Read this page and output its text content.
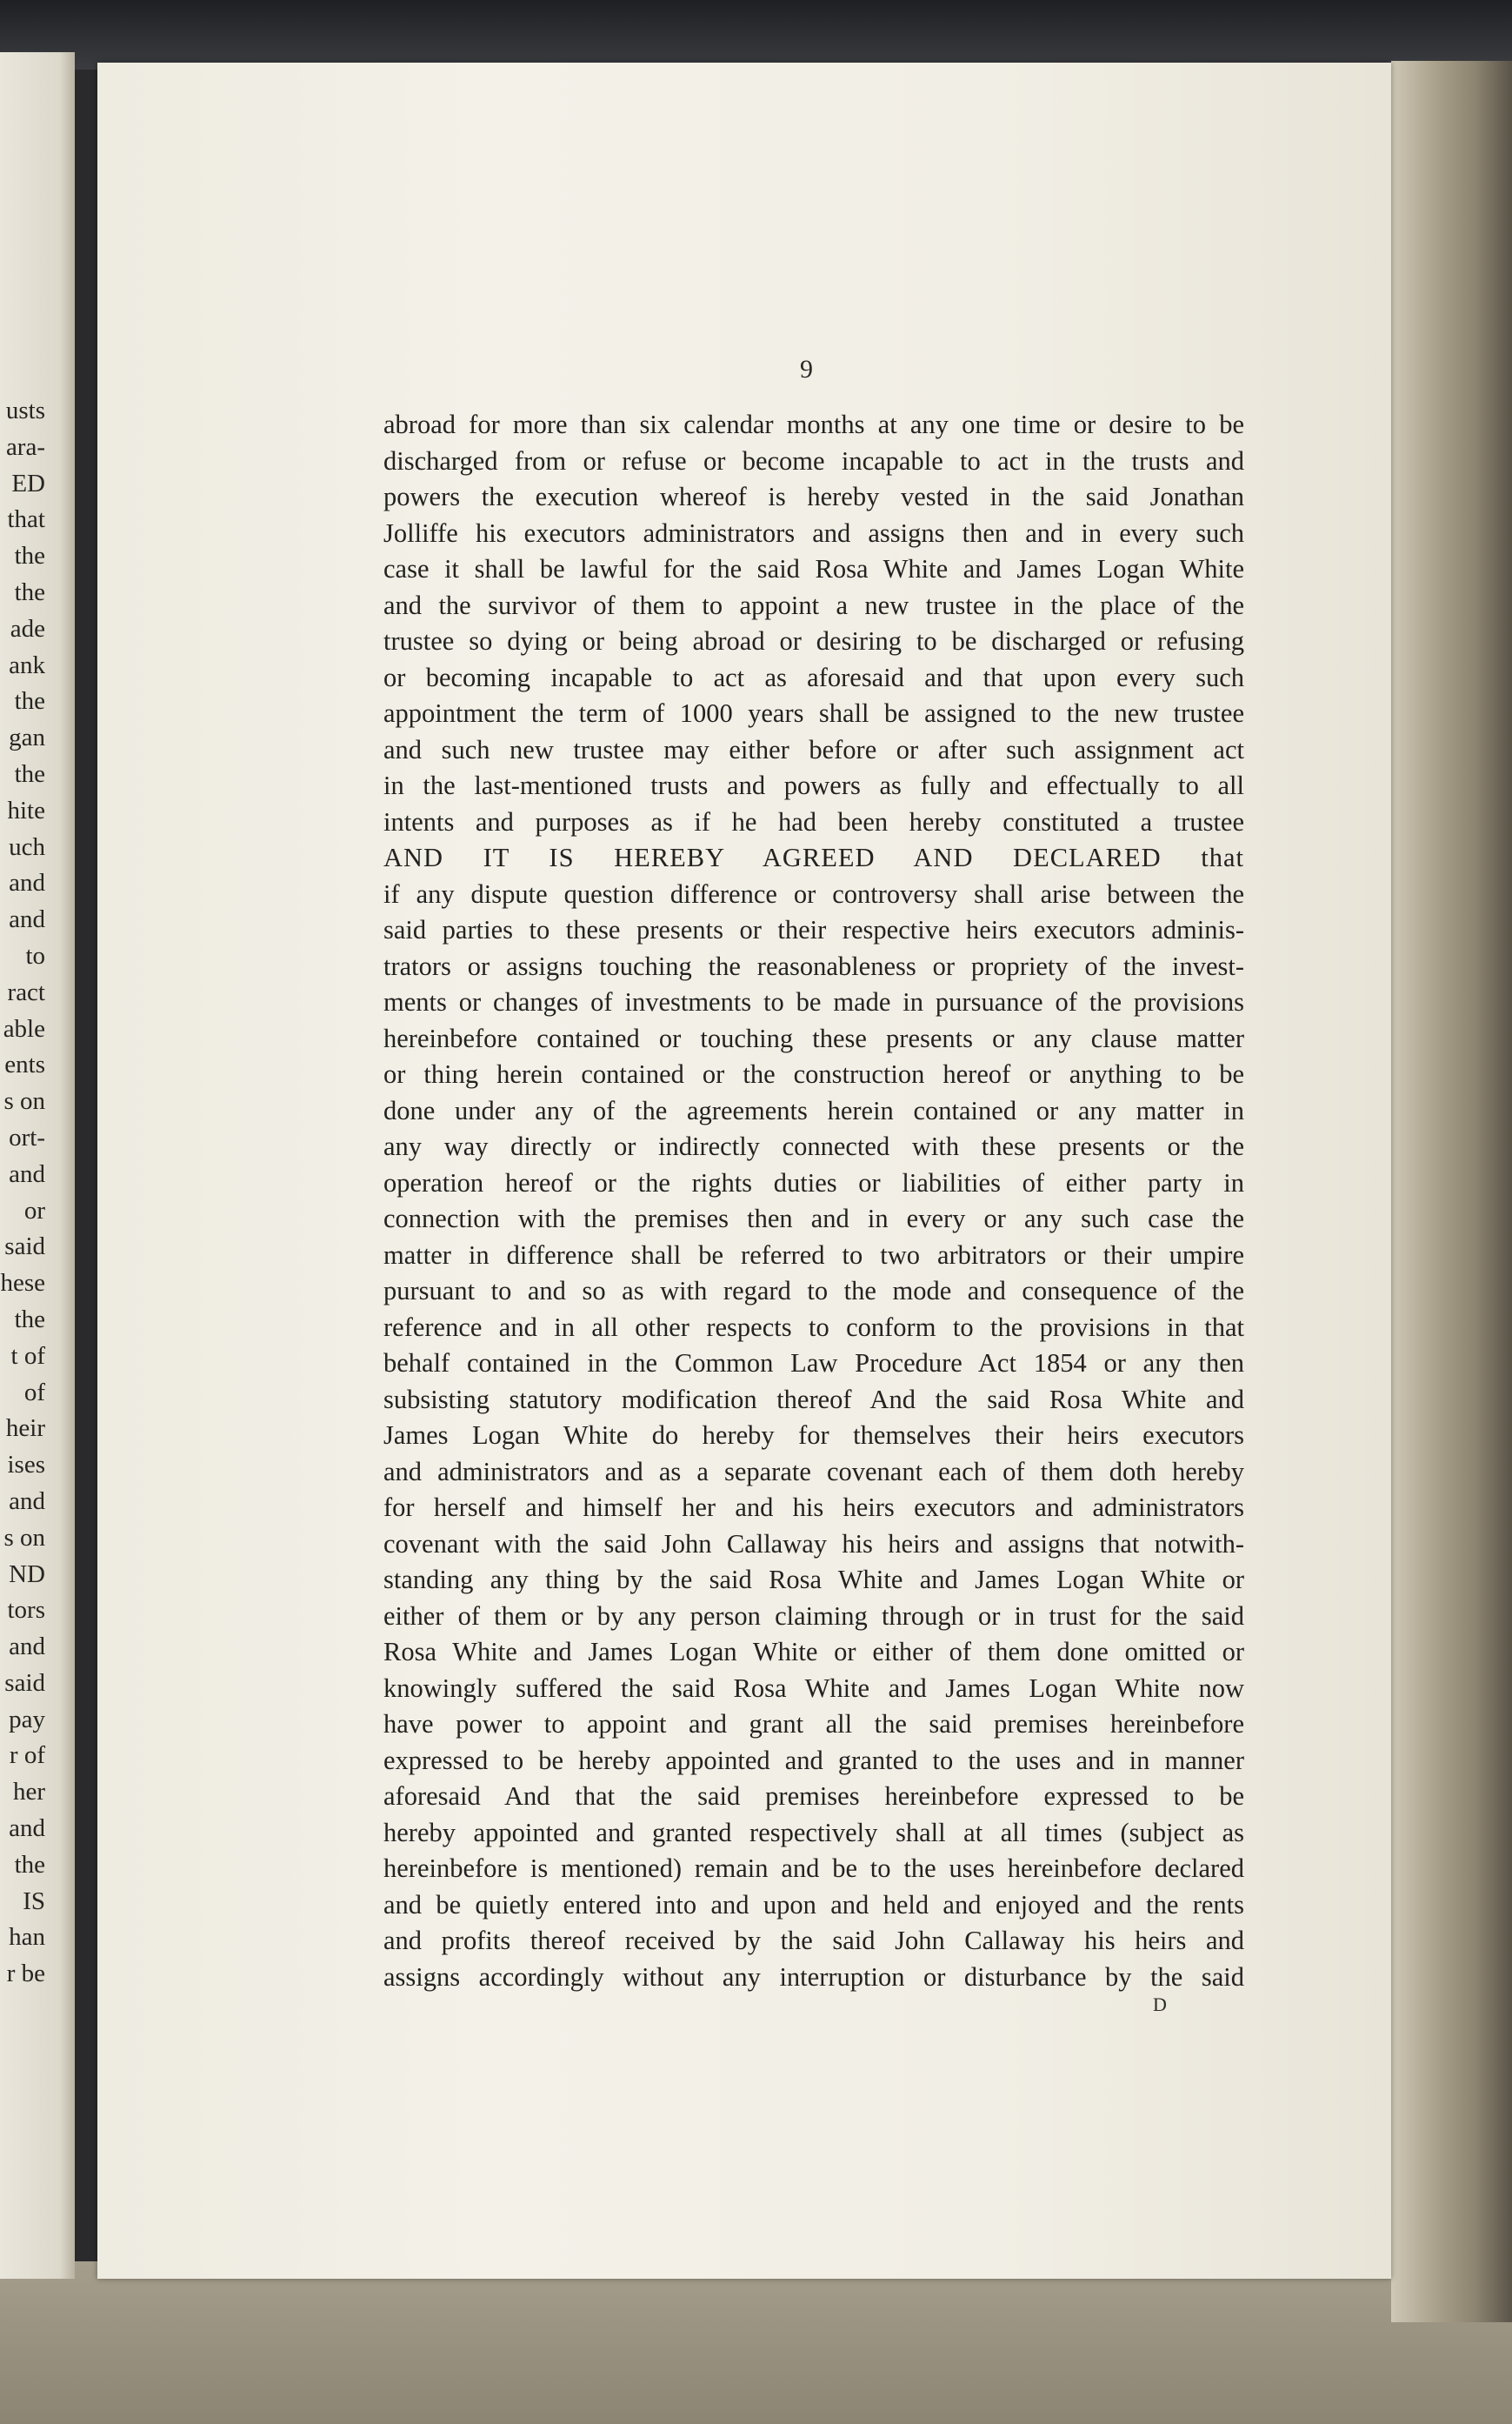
usts
ara-
ED
that
the
the
ade
ank
the
gan
the
hite
uch
and
and
to
ract
able
ents
s on
ort-
and
or
said
hese
the
t of
of
heir
ises
and
s on
ND
tors
and
said
pay
r of
her
and
the
IS
han
r be
9
abroad for more than six calendar months at any one time or desire to be
discharged from or refuse or become incapable to act in the trusts and
powers the execution whereof is hereby vested in the said Jonathan
Jolliffe his executors administrators and assigns then and in every such
case it shall be lawful for the said Rosa White and James Logan White
and the survivor of them to appoint a new trustee in the place of the
trustee so dying or being abroad or desiring to be discharged or refusing
or becoming incapable to act as aforesaid and that upon every such
appointment the term of 1000 years shall be assigned to the new trustee
and such new trustee may either before or after such assignment act
in the last-mentioned trusts and powers as fully and effectually to all
intents and purposes as if he had been hereby constituted a trustee
AND IT IS HEREBY AGREED AND DECLARED that
if any dispute question difference or controversy shall arise between the
said parties to these presents or their respective heirs executors adminis-
trators or assigns touching the reasonableness or propriety of the invest-
ments or changes of investments to be made in pursuance of the provisions
hereinbefore contained or touching these presents or any clause matter
or thing herein contained or the construction hereof or anything to be
done under any of the agreements herein contained or any matter in
any way directly or indirectly connected with these presents or the
operation hereof or the rights duties or liabilities of either party in
connection with the premises then and in every or any such case the
matter in difference shall be referred to two arbitrators or their umpire
pursuant to and so as with regard to the mode and consequence of the
reference and in all other respects to conform to the provisions in that
behalf contained in the Common Law Procedure Act 1854 or any then
subsisting statutory modification thereof And the said Rosa White and
James Logan White do hereby for themselves their heirs executors
and administrators and as a separate covenant each of them doth hereby
for herself and himself her and his heirs executors and administrators
covenant with the said John Callaway his heirs and assigns that notwith-
standing any thing by the said Rosa White and James Logan White or
either of them or by any person claiming through or in trust for the said
Rosa White and James Logan White or either of them done omitted or
knowingly suffered the said Rosa White and James Logan White now
have power to appoint and grant all the said premises hereinbefore
expressed to be hereby appointed and granted to the uses and in manner
aforesaid And that the said premises hereinbefore expressed to be
hereby appointed and granted respectively shall at all times (subject as
hereinbefore is mentioned) remain and be to the uses hereinbefore declared
and be quietly entered into and upon and held and enjoyed and the rents
and profits thereof received by the said John Callaway his heirs and
assigns accordingly without any interruption or disturbance by the said
D
